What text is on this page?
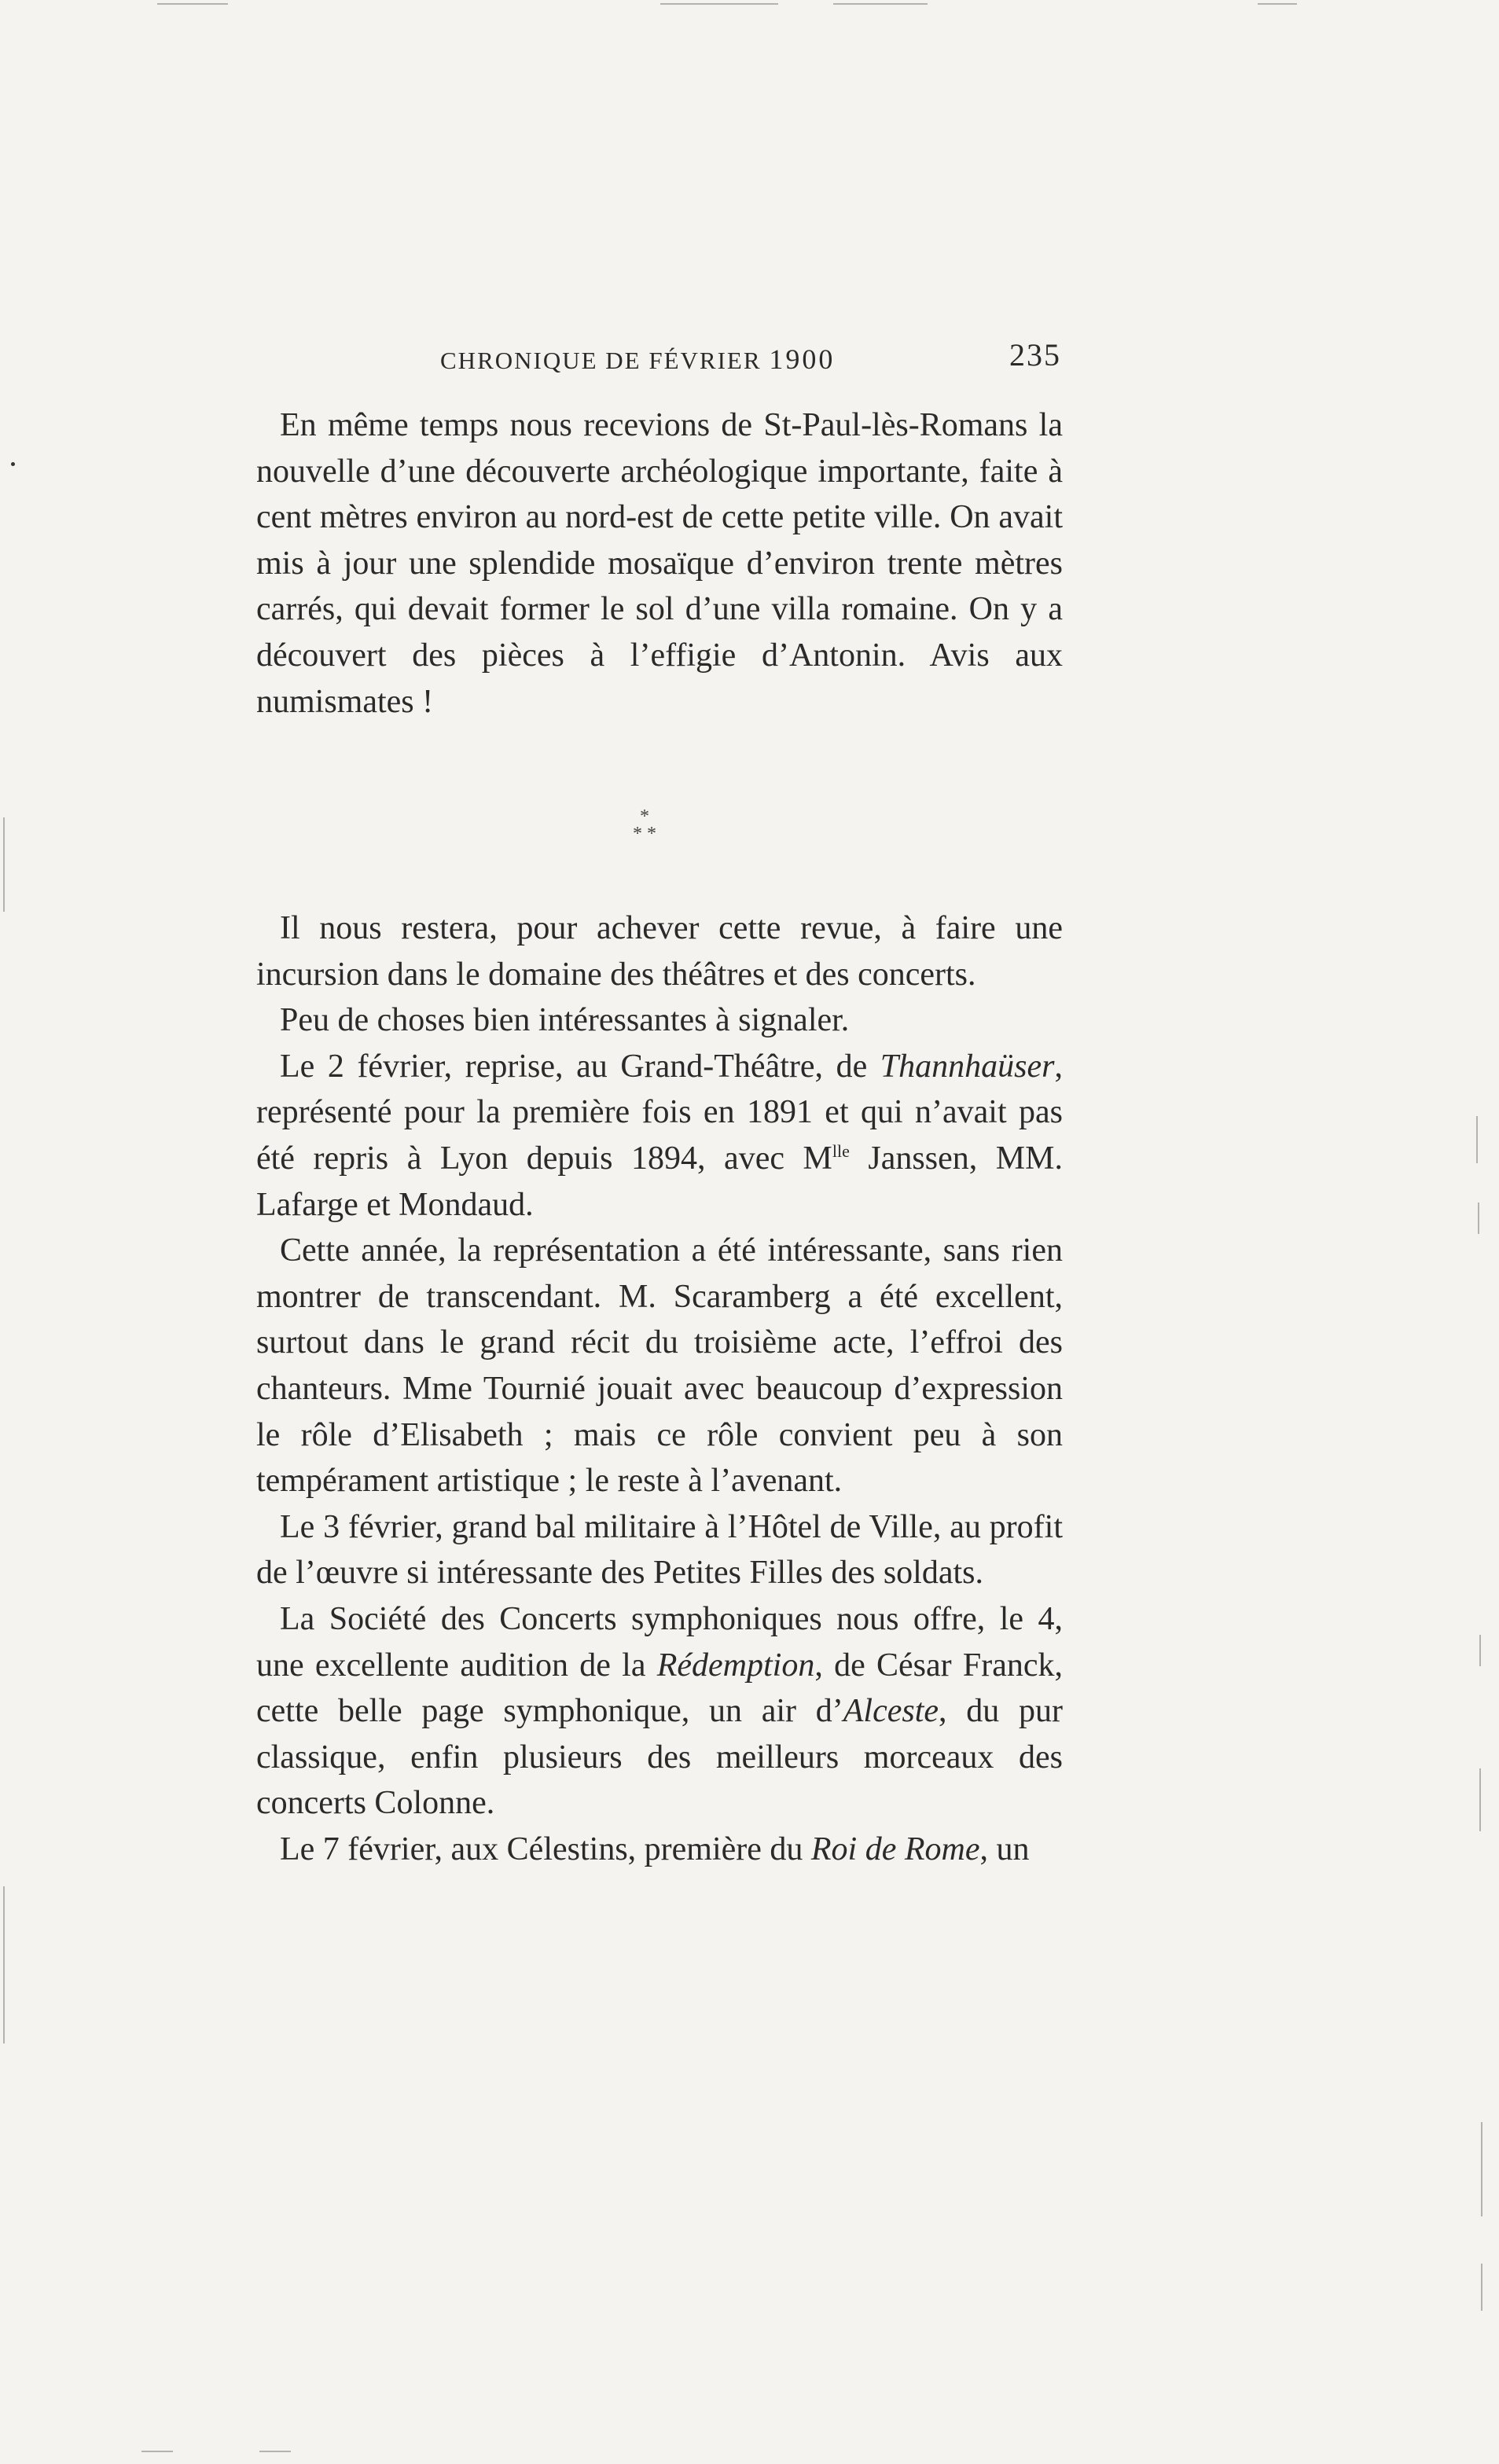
CHRONIQUE DE FÉVRIER 1900	235

En même temps nous recevions de St-Paul-lès-Romans la nouvelle d’une découverte archéologique importante, faite à cent mètres environ au nord-est de cette petite ville. On avait mis à jour une splendide mosaïque d’environ trente mètres carrés, qui devait former le sol d’une villa romaine. On y a découvert des pièces à l’effigie d’Antonin. Avis aux numismates !

*
* *

Il nous restera, pour achever cette revue, à faire une incursion dans le domaine des théâtres et des concerts.

Peu de choses bien intéressantes à signaler.

Le 2 février, reprise, au Grand-Théâtre, de Thannhaüser, représenté pour la première fois en 1891 et qui n’avait pas été repris à Lyon depuis 1894, avec $M^{lle}$ Janssen, MM. Lafarge et Mondaud.

Cette année, la représentation a été intéressante, sans rien montrer de transcendant. M. Scaramberg a été excellent, surtout dans le grand récit du troisième acte, l’effroi des chanteurs. Mme Tournié jouait avec beaucoup d’expression le rôle d’Elisabeth ; mais ce rôle convient peu à son tempérament artistique ; le reste à l’avenant.

Le 3 février, grand bal militaire à l’Hôtel de Ville, au profit de l’œuvre si intéressante des Petites Filles des soldats.

La Société des Concerts symphoniques nous offre, le 4, une excellente audition de la Rédemption, de César Franck, cette belle page symphonique, un air d’Alceste, du pur classique, enfin plusieurs des meilleurs morceaux des concerts Colonne.

Le 7 février, aux Célestins, première du Roi de Rome, un
